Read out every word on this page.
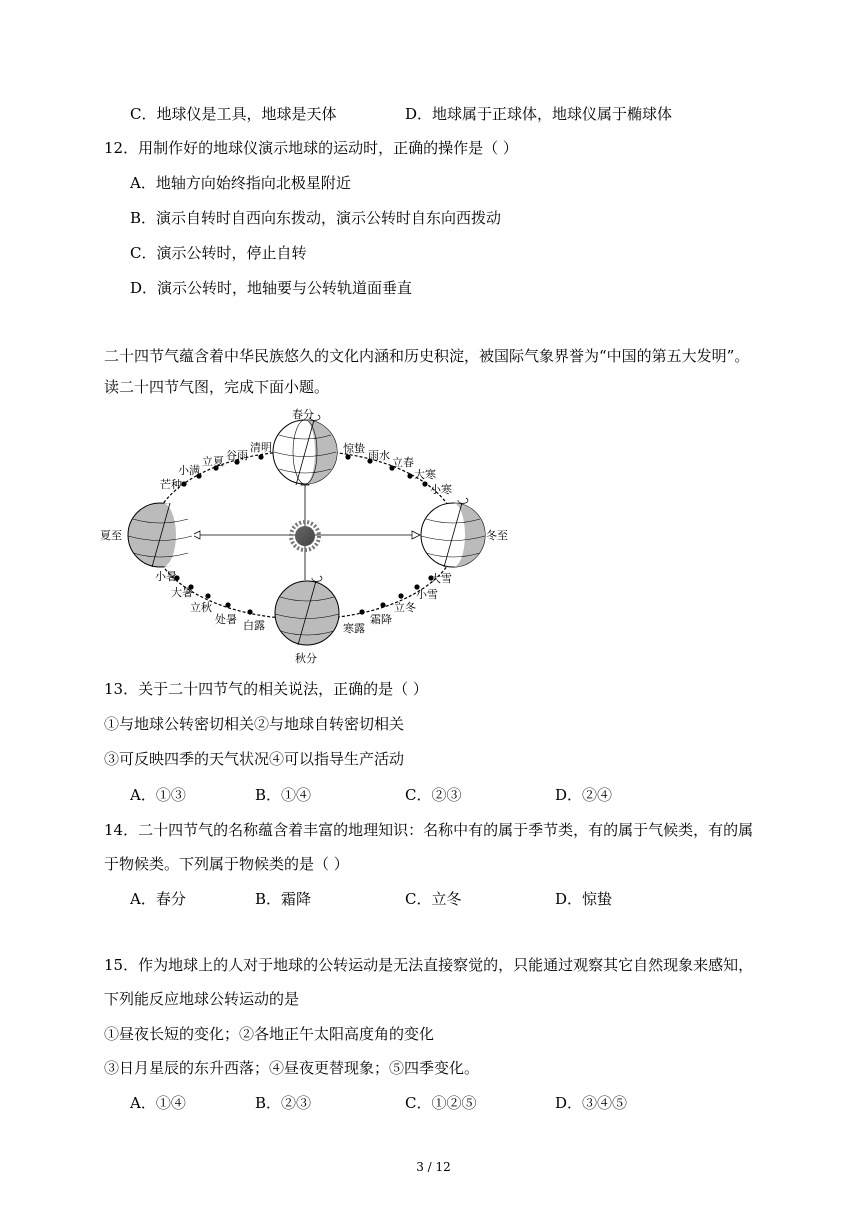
C．地球仪是工具，地球是天体	D．地球属于正球体，地球仪属于椭球体
12．用制作好的地球仪演示地球的运动时，正确的操作是（ ）
A．地轴方向始终指向北极星附近
B．演示自转时自西向东拨动，演示公转时自东向西拨动
C．演示公转时，停止自转
D．演示公转时，地轴要与公转轨道面垂直
二十四节气蕴含着中华民族悠久的文化内涵和历史积淀，被国际气象界誉为“中国的第五大发明”。
读二十四节气图，完成下面小题。
春分
夏至
秋分
冬至
清明
谷雨
立夏
小满
芒种
惊蛰
雨水
立春
大寒
小寒
小暑
大暑
立秋
处暑 白露	寒露
霜降
立冬
小雪
大雪
13．关于二十四节气的相关说法，正确的是（ ）
①与地球公转密切相关②与地球自转密切相关
③可反映四季的天气状况④可以指导生产活动
A．①③	B．①④	C．②③	D．②④
14．二十四节气的名称蕴含着丰富的地理知识：名称中有的属于季节类，有的属于气候类，有的属
于物候类。下列属于物候类的是（ ）
A．春分	B．霜降	C．立冬	D．惊蛰
15．作为地球上的人对于地球的公转运动是无法直接察觉的，只能通过观察其它自然现象来感知，
下列能反应地球公转运动的是
①昼夜长短的变化；②各地正午太阳高度角的变化
③日月星辰的东升西落；④昼夜更替现象；⑤四季变化。
A．①④	B．②③	C．①②⑤	D．③④⑤
3 / 12
